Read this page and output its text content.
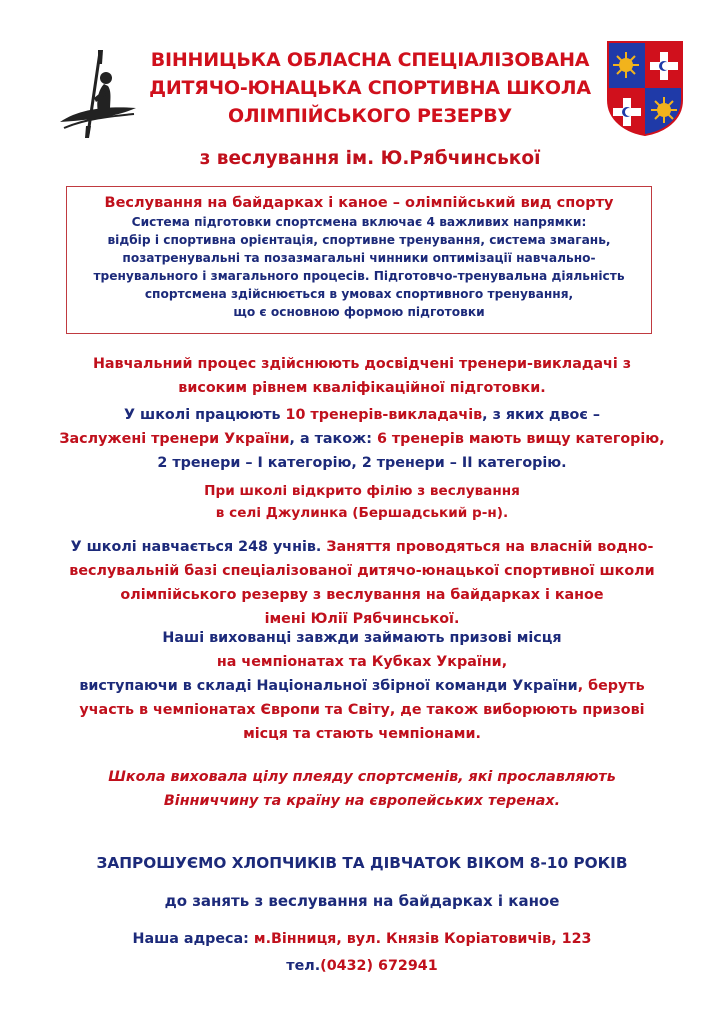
ВІННИЦЬКА ОБЛАСНА СПЕЦІАЛІЗОВАНА
ДИТЯЧО-ЮНАЦЬКА СПОРТИВНА ШКОЛА
ОЛІМПІЙСЬКОГО РЕЗЕРВУ
з веслування ім. Ю.Рябчинської
Веслування на байдарках і каное – олімпійський вид спорту
Система підготовки спортсмена включає 4 важливих напрямки:
відбір і спортивна орієнтація, спортивне тренування, система змагань,
позатренувальні та позазмагальні чинники оптимізації навчально-
тренувального і змагального процесів. Підготовчо-тренувальна діяльність
спортсмена здійснюється в умовах спортивного тренування,
що є основною формою підготовки
Навчальний процес здійснюють досвідчені тренери-викладачі з
високим рівнем кваліфікаційної підготовки.
У школі працюють 10 тренерів-викладачів, з яких двоє –
Заслужені тренери України, а також: 6 тренерів мають вищу категорію,
2 тренери – І категорію, 2 тренери – ІІ категорію.
При школі відкрито філію з веслування
в селі Джулинка (Бершадський р-н).
У школі навчається 248 учнів. Заняття проводяться на власній водно-
веслувальній базі спеціалізованої дитячо-юнацької спортивної школи
олімпійського резерву з веслування на байдарках і каное
імені Юлії Рябчинської.
Наші вихованці завжди займають призові місця
на чемпіонатах та Кубках України,
виступаючи в складі Національної збірної команди України, беруть
участь в чемпіонатах Європи та Світу, де також виборюють призові
місця та стають чемпіонами.
Школа виховала цілу плеяду спортсменів, які прославляють
Вінниччину та країну на європейських теренах.
ЗАПРОШУЄМО ХЛОПЧИКІВ ТА ДІВЧАТОК ВІКОМ 8-10 РОКІВ
до занять з веслування на байдарках і каное
Наша адреса: м.Вінниця, вул. Князів Коріатовичів, 123
тел.(0432) 672941
